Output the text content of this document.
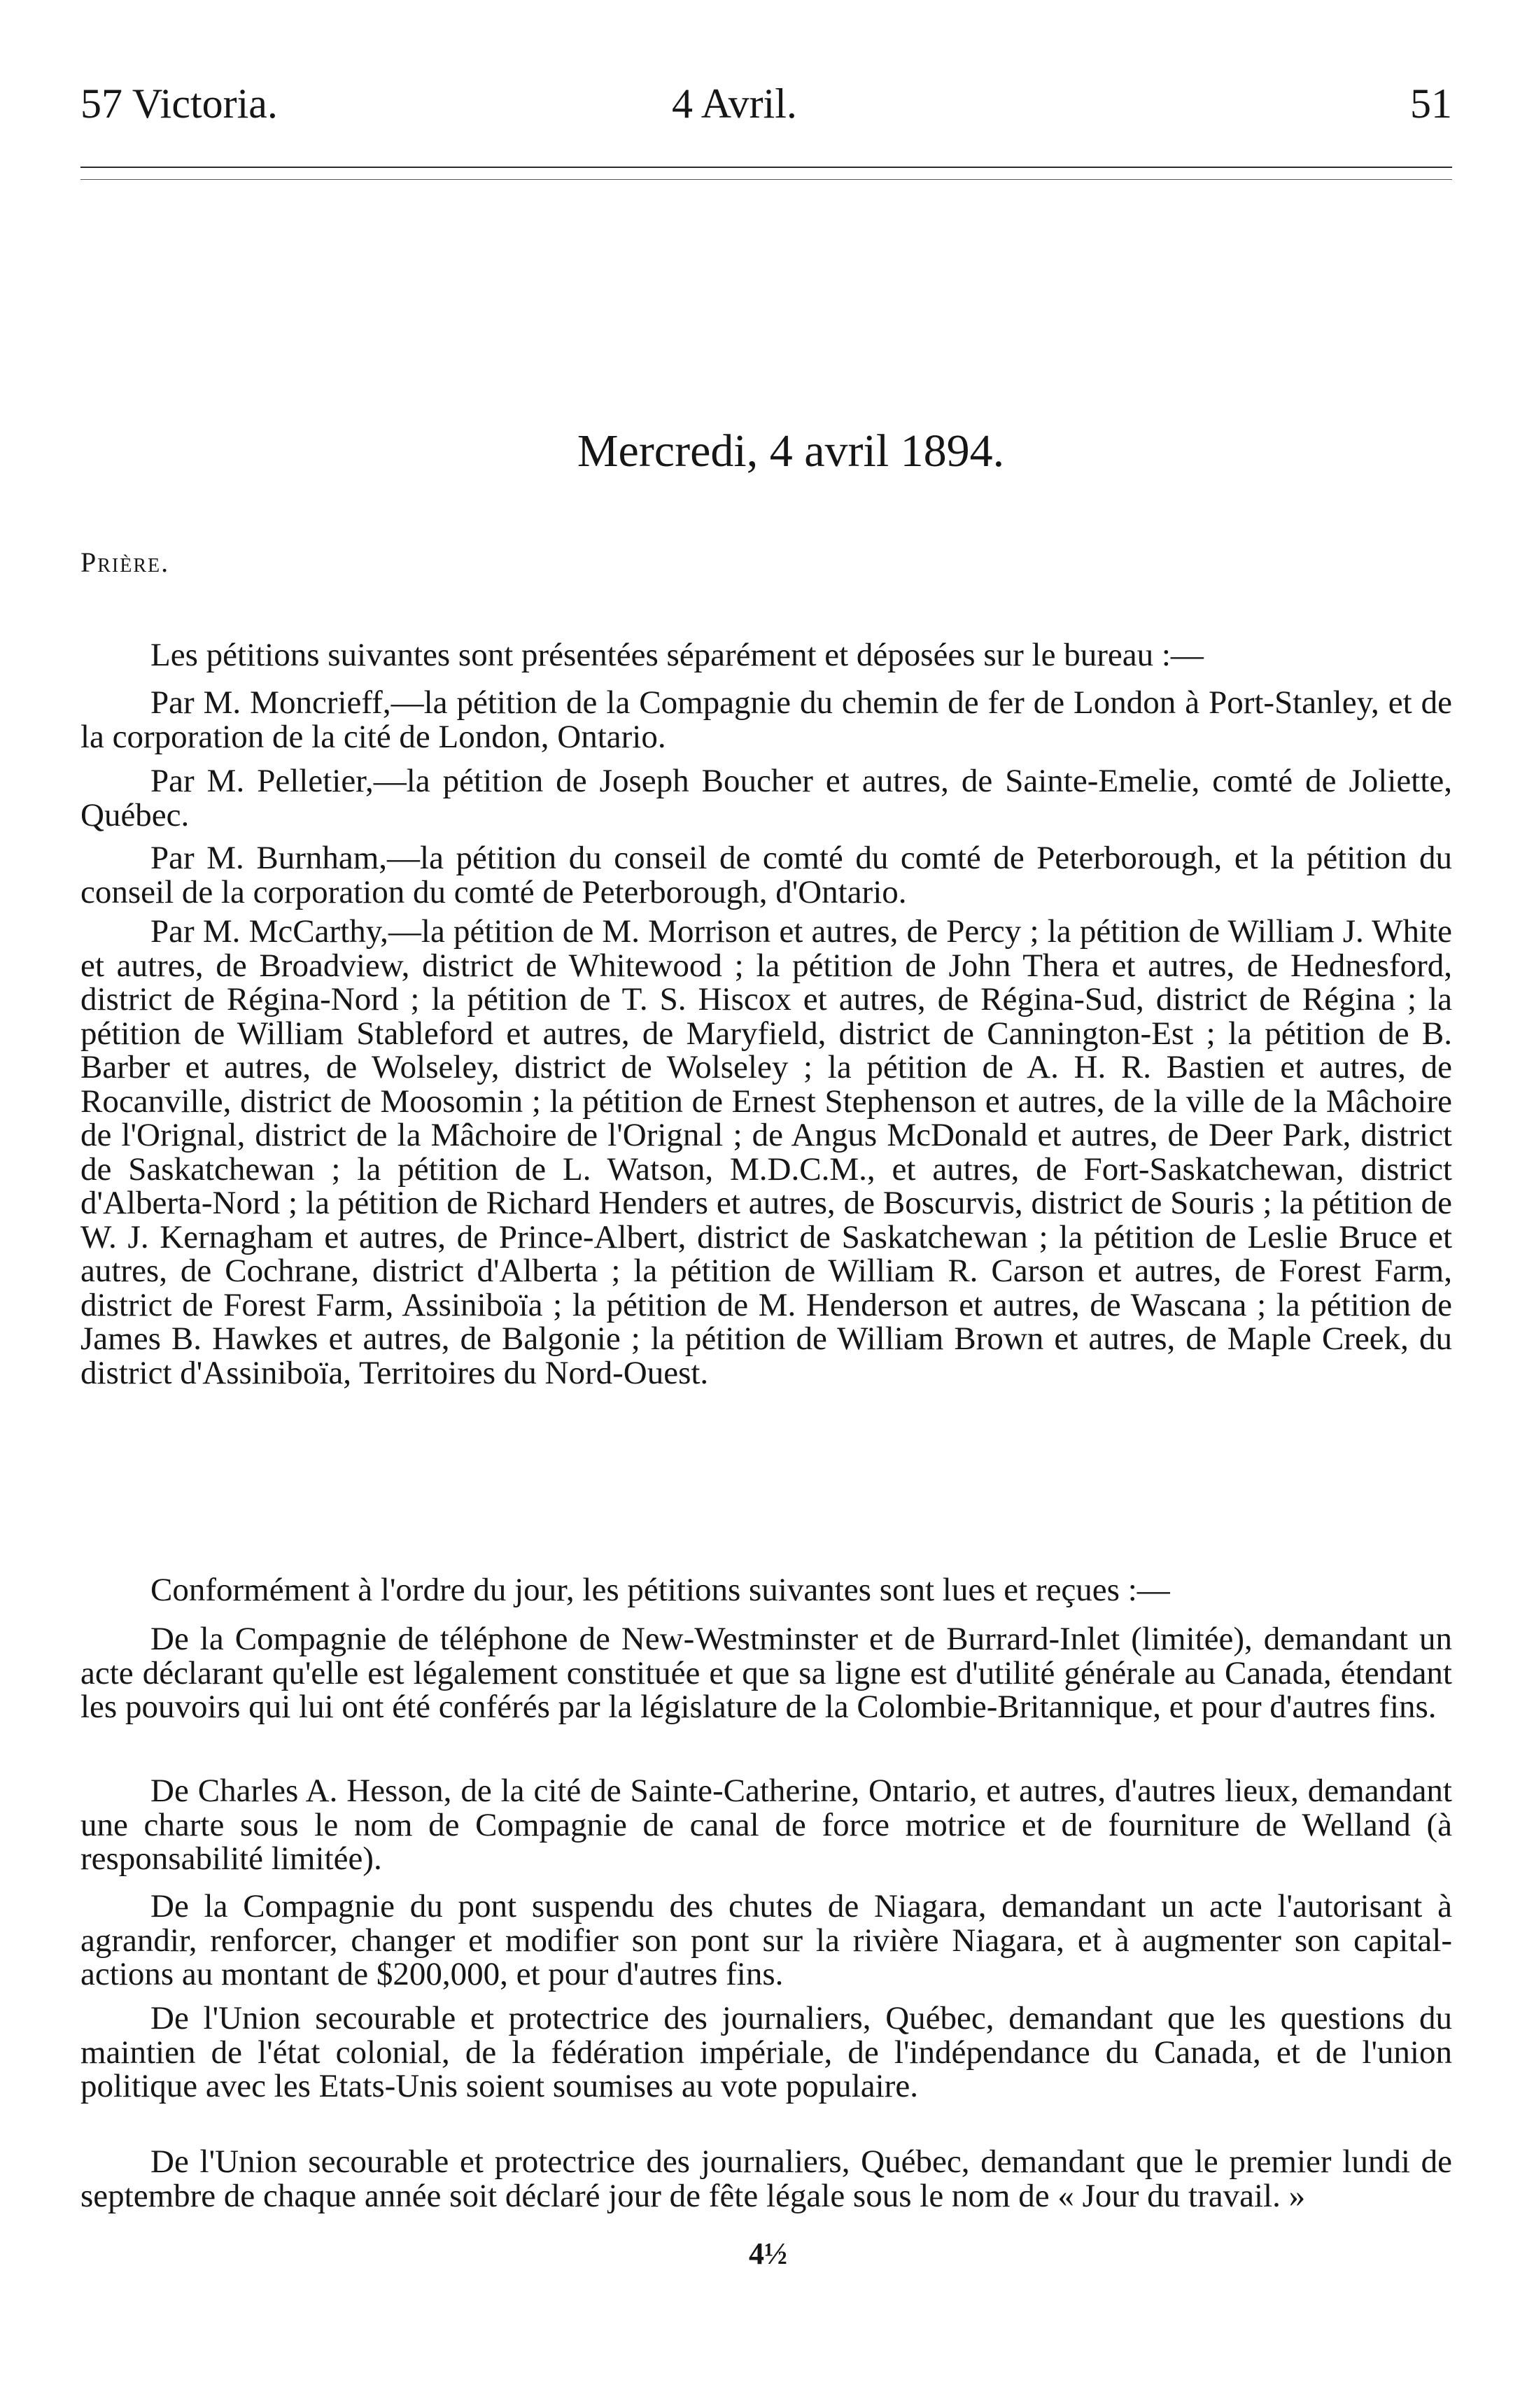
57 Victoria.	4 Avril.	51
Mercredi, 4 avril 1894.
Prière.

Les pétitions suivantes sont présentées séparément et déposées sur le bureau :—

Par M. Moncrieff,—la pétition de la Compagnie du chemin de fer de London à Port-Stanley, et de la corporation de la cité de London, Ontario.

Par M. Pelletier,—la pétition de Joseph Boucher et autres, de Sainte-Emelie, comté de Joliette, Québec.

Par M. Burnham,—la pétition du conseil de comté du comté de Peterborough, et la pétition du conseil de la corporation du comté de Peterborough, d'Ontario.

Par M. McCarthy,—la pétition de M. Morrison et autres, de Percy ; la pétition de William J. White et autres, de Broadview, district de Whitewood ; la pétition de John Thera et autres, de Hednesford, district de Régina-Nord ; la pétition de T. S. Hiscox et autres, de Régina-Sud, district de Régina ; la pétition de William Stableford et autres, de Maryfield, district de Cannington-Est ; la pétition de B. Barber et autres, de Wolseley, district de Wolseley ; la pétition de A. H. R. Bastien et autres, de Rocanville, district de Moosomin ; la pétition de Ernest Stephenson et autres, de la ville de la Mâchoire de l'Orignal, district de la Mâchoire de l'Orignal ; de Angus McDonald et autres, de Deer Park, district de Saskatchewan ; la pétition de L. Watson, M.D.C.M., et autres, de Fort-Saskatchewan, district d'Alberta-Nord ; la pétition de Richard Henders et autres, de Boscurvis, district de Souris ; la pétition de W. J. Kernagham et autres, de Prince-Albert, district de Saskatchewan ; la pétition de Leslie Bruce et autres, de Cochrane, district d'Alberta ; la pétition de William R. Carson et autres, de Forest Farm, district de Forest Farm, Assiniboïa ; la pétition de M. Henderson et autres, de Wascana ; la pétition de James B. Hawkes et autres, de Balgonie ; la pétition de William Brown et autres, de Maple Creek, du district d'Assiniboïa, Territoires du Nord-Ouest.

Conformément à l'ordre du jour, les pétitions suivantes sont lues et reçues :—

De la Compagnie de téléphone de New-Westminster et de Burrard-Inlet (limitée), demandant un acte déclarant qu'elle est légalement constituée et que sa ligne est d'utilité générale au Canada, étendant les pouvoirs qui lui ont été conférés par la législature de la Colombie-Britannique, et pour d'autres fins.

De Charles A. Hesson, de la cité de Sainte-Catherine, Ontario, et autres, d'autres lieux, demandant une charte sous le nom de Compagnie de canal de force motrice et de fourniture de Welland (à responsabilité limitée).

De la Compagnie du pont suspendu des chutes de Niagara, demandant un acte l'autorisant à agrandir, renforcer, changer et modifier son pont sur la rivière Niagara, et à augmenter son capital-actions au montant de $200,000, et pour d'autres fins.

De l'Union secourable et protectrice des journaliers, Québec, demandant que les questions du maintien de l'état colonial, de la fédération impériale, de l'indépendance du Canada, et de l'union politique avec les Etats-Unis soient soumises au vote populaire.

De l'Union secourable et protectrice des journaliers, Québec, demandant que le premier lundi de septembre de chaque année soit déclaré jour de fête légale sous le nom de « Jour du travail. »

4½
